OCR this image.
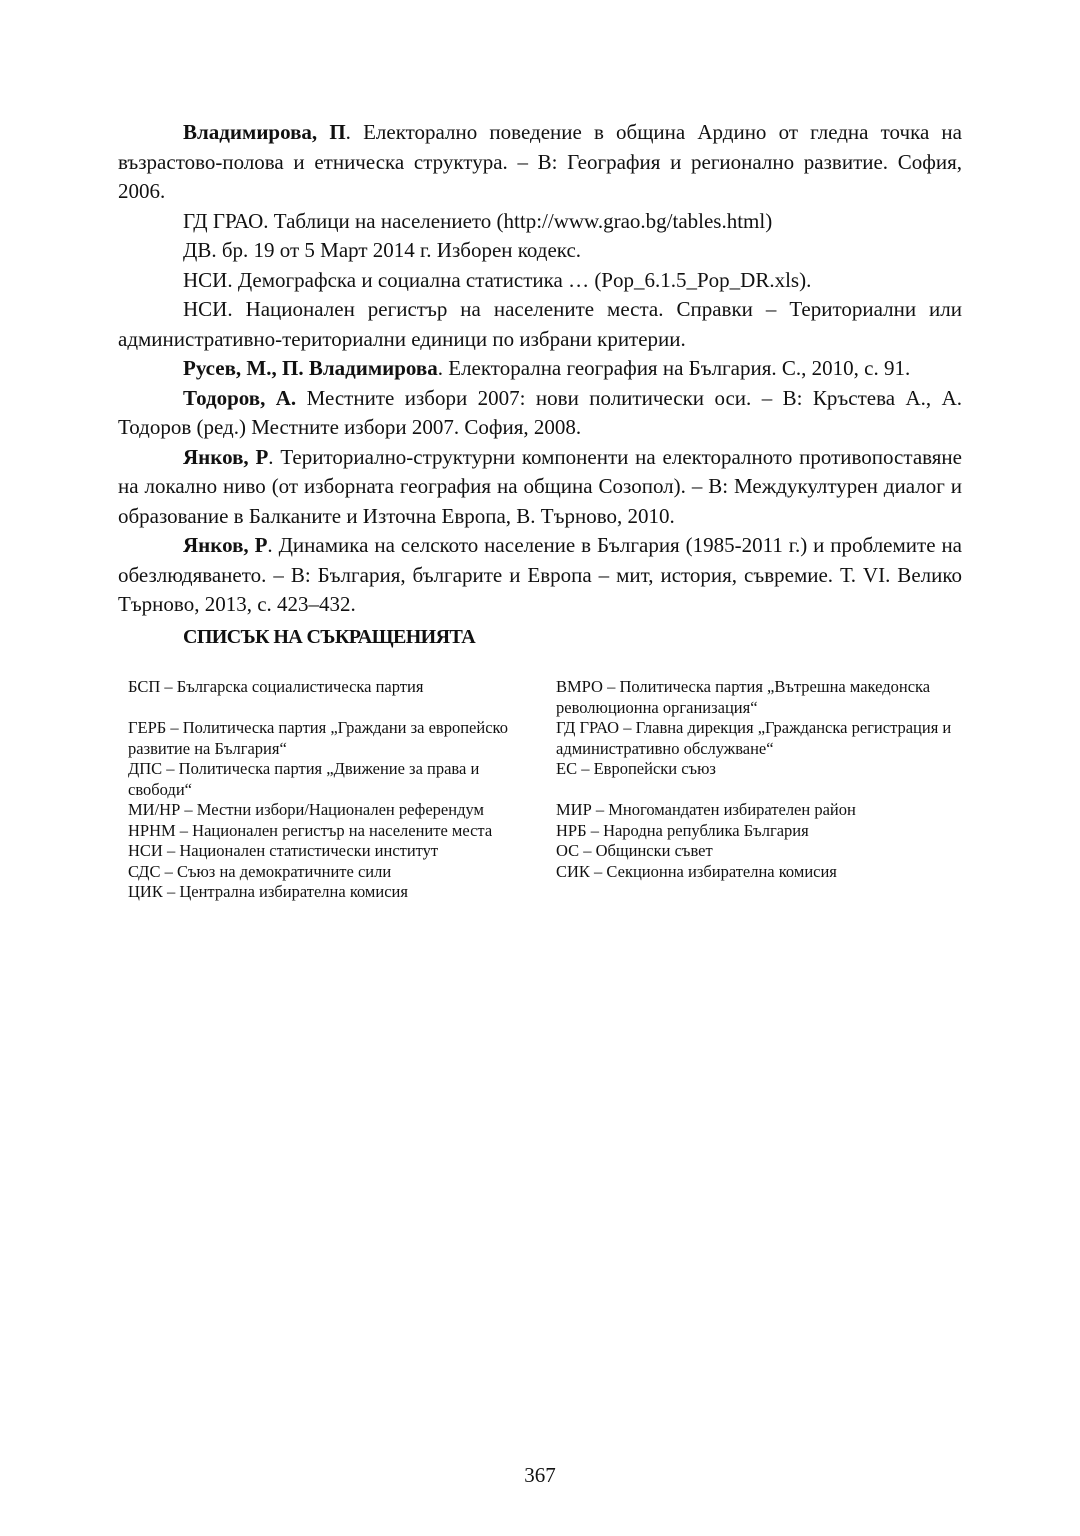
Владимирова, П. Електорално поведение в община Ардино от гледна точка на възрастово-полова и етническа структура. – В: География и регионално развитие. София, 2006.

ГД ГРАО. Таблици на населението (http://www.grao.bg/tables.html)

ДВ. бр. 19 от 5 Март 2014 г. Изборен кодекс.

НСИ. Демографска и социална статистика … (Pop_6.1.5_Pop_DR.xls).

НСИ. Национален регистър на населените места. Справки – Териториални или административно-териториални единици по избрани критерии.

Русев, М., П. Владимирова. Електорална география на България. С., 2010, с. 91.

Тодоров, А. Местните избори 2007: нови политически оси. – В: Кръстева А., А. Тодоров (ред.) Местните избори 2007. София, 2008.

Янков, Р. Териториално-структурни компоненти на електоралното противопоставяне на локално ниво (от изборната география на община Созопол). – В: Междукултурен диалог и образование в Балканите и Източна Европа, В. Търново, 2010.

Янков, Р. Динамика на селското население в България (1985-2011 г.) и проблемите на обезлюдяването. – В: България, българите и Европа – мит, история, съвремие. Т. VI. Велико Търново, 2013, с. 423–432.

СПИСЪК НА СЪКРАЩЕНИЯТА

БСП – Българска социалистическа партия

ГЕРБ – Политическа партия „Граждани за европейско развитие на България“

ДПС – Политическа партия „Движение за права и свободи“

МИ/НР – Местни избори/Национален референдум

НРНМ – Национален регистър на населените места

НСИ – Национален статистически институт

СДС – Съюз на демократичните сили

ЦИК – Централна избирателна комисия

ВМРО – Политическа партия „Вътрешна македонска революционна организация“

ГД ГРАО – Главна дирекция „Гражданска регистрация и административно обслужване“

ЕС – Европейски съюз

МИР – Многомандатен избирателен район

НРБ – Народна република България

ОС – Общински съвет

СИК – Секционна избирателна комисия

367
